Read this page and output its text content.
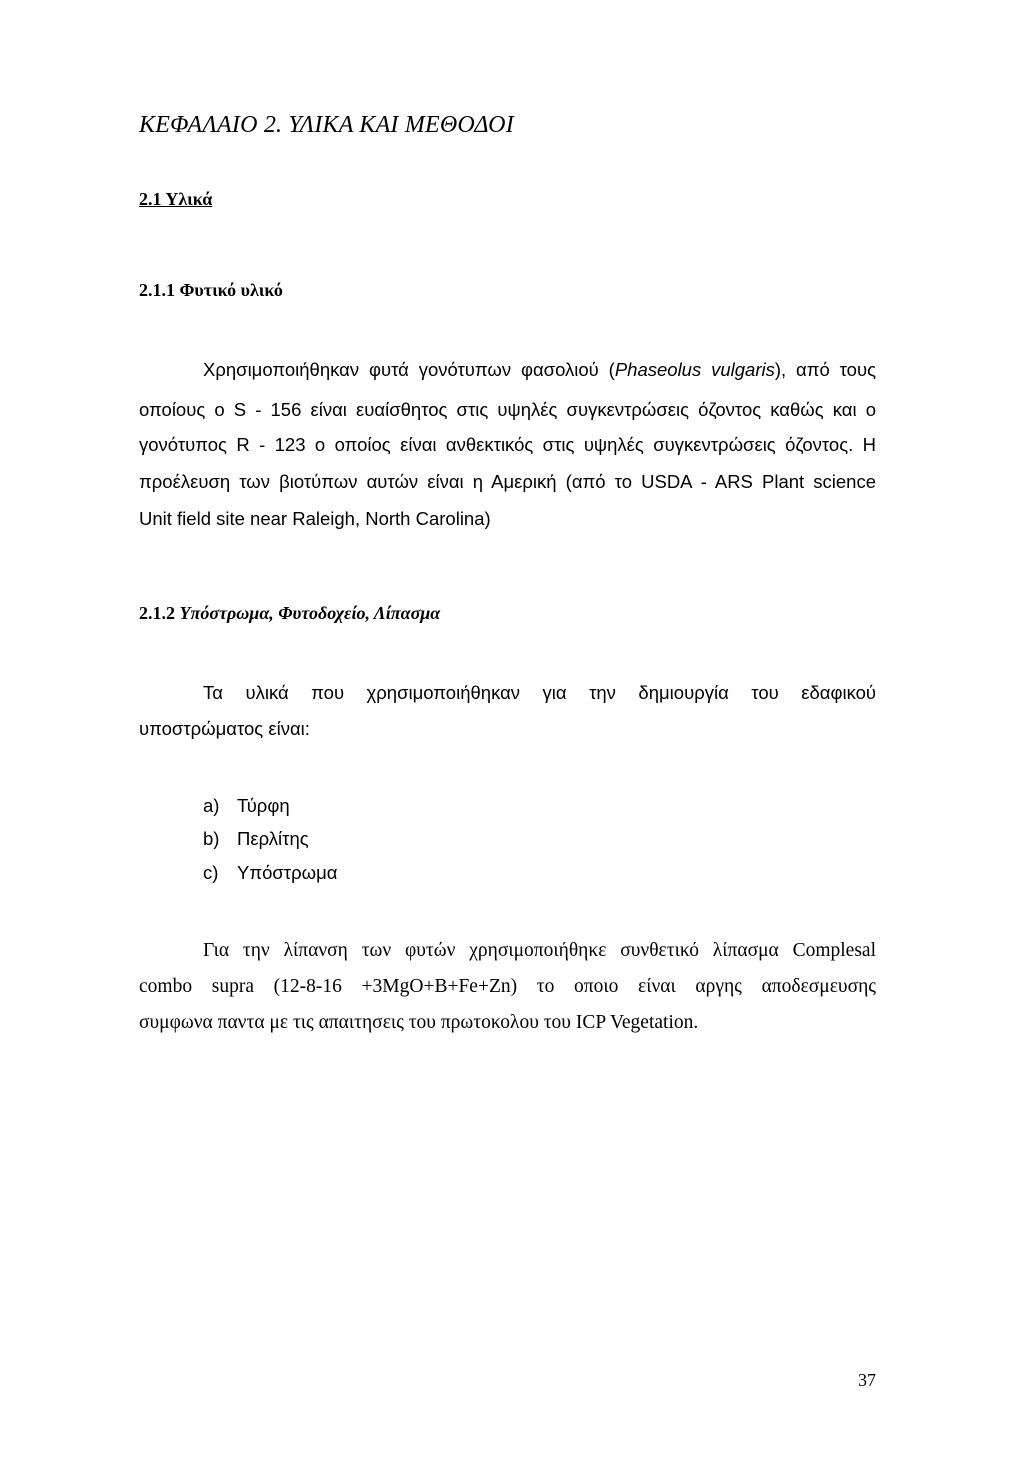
ΚΕΦΑΛΑΙΟ 2. ΥΛΙΚΑ ΚΑΙ ΜΕΘΟΔΟΙ
2.1 Υλικά
2.1.1 Φυτικό υλικό
Χρησιμοποιήθηκαν φυτά γονότυπων φασολιού (Phaseolus vulgaris), από τους
οποίους ο S - 156 είναι ευαίσθητος στις υψηλές συγκεντρώσεις όζοντος καθώς και ο
γονότυπος R - 123 ο οποίος είναι ανθεκτικός στις υψηλές συγκεντρώσεις όζοντος. Η
προέλευση των βιοτύπων αυτών είναι η Αμερική (από το USDA - ARS Plant science
Unit field site near Raleigh, North Carolina)
2.1.2 Υπόστρωμα, Φυτοδοχείο, Λίπασμα
Τα υλικά που χρησιμοποιήθηκαν για την δημιουργία του εδαφικού
υποστρώματος είναι:
a) Τύρφη
b) Περλίτης
c) Υπόστρωμα
Για την λίπανση των φυτών χρησιμοποιήθηκε συνθετικό λίπασμα Complesal
combo supra (12-8-16 +3MgO+B+Fe+Zn) το οποιο είναι αργης αποδεσμευσης
συμφωνα παντα με τις απαιτησεις του πρωτοκολου του ICP Vegetation.
37
